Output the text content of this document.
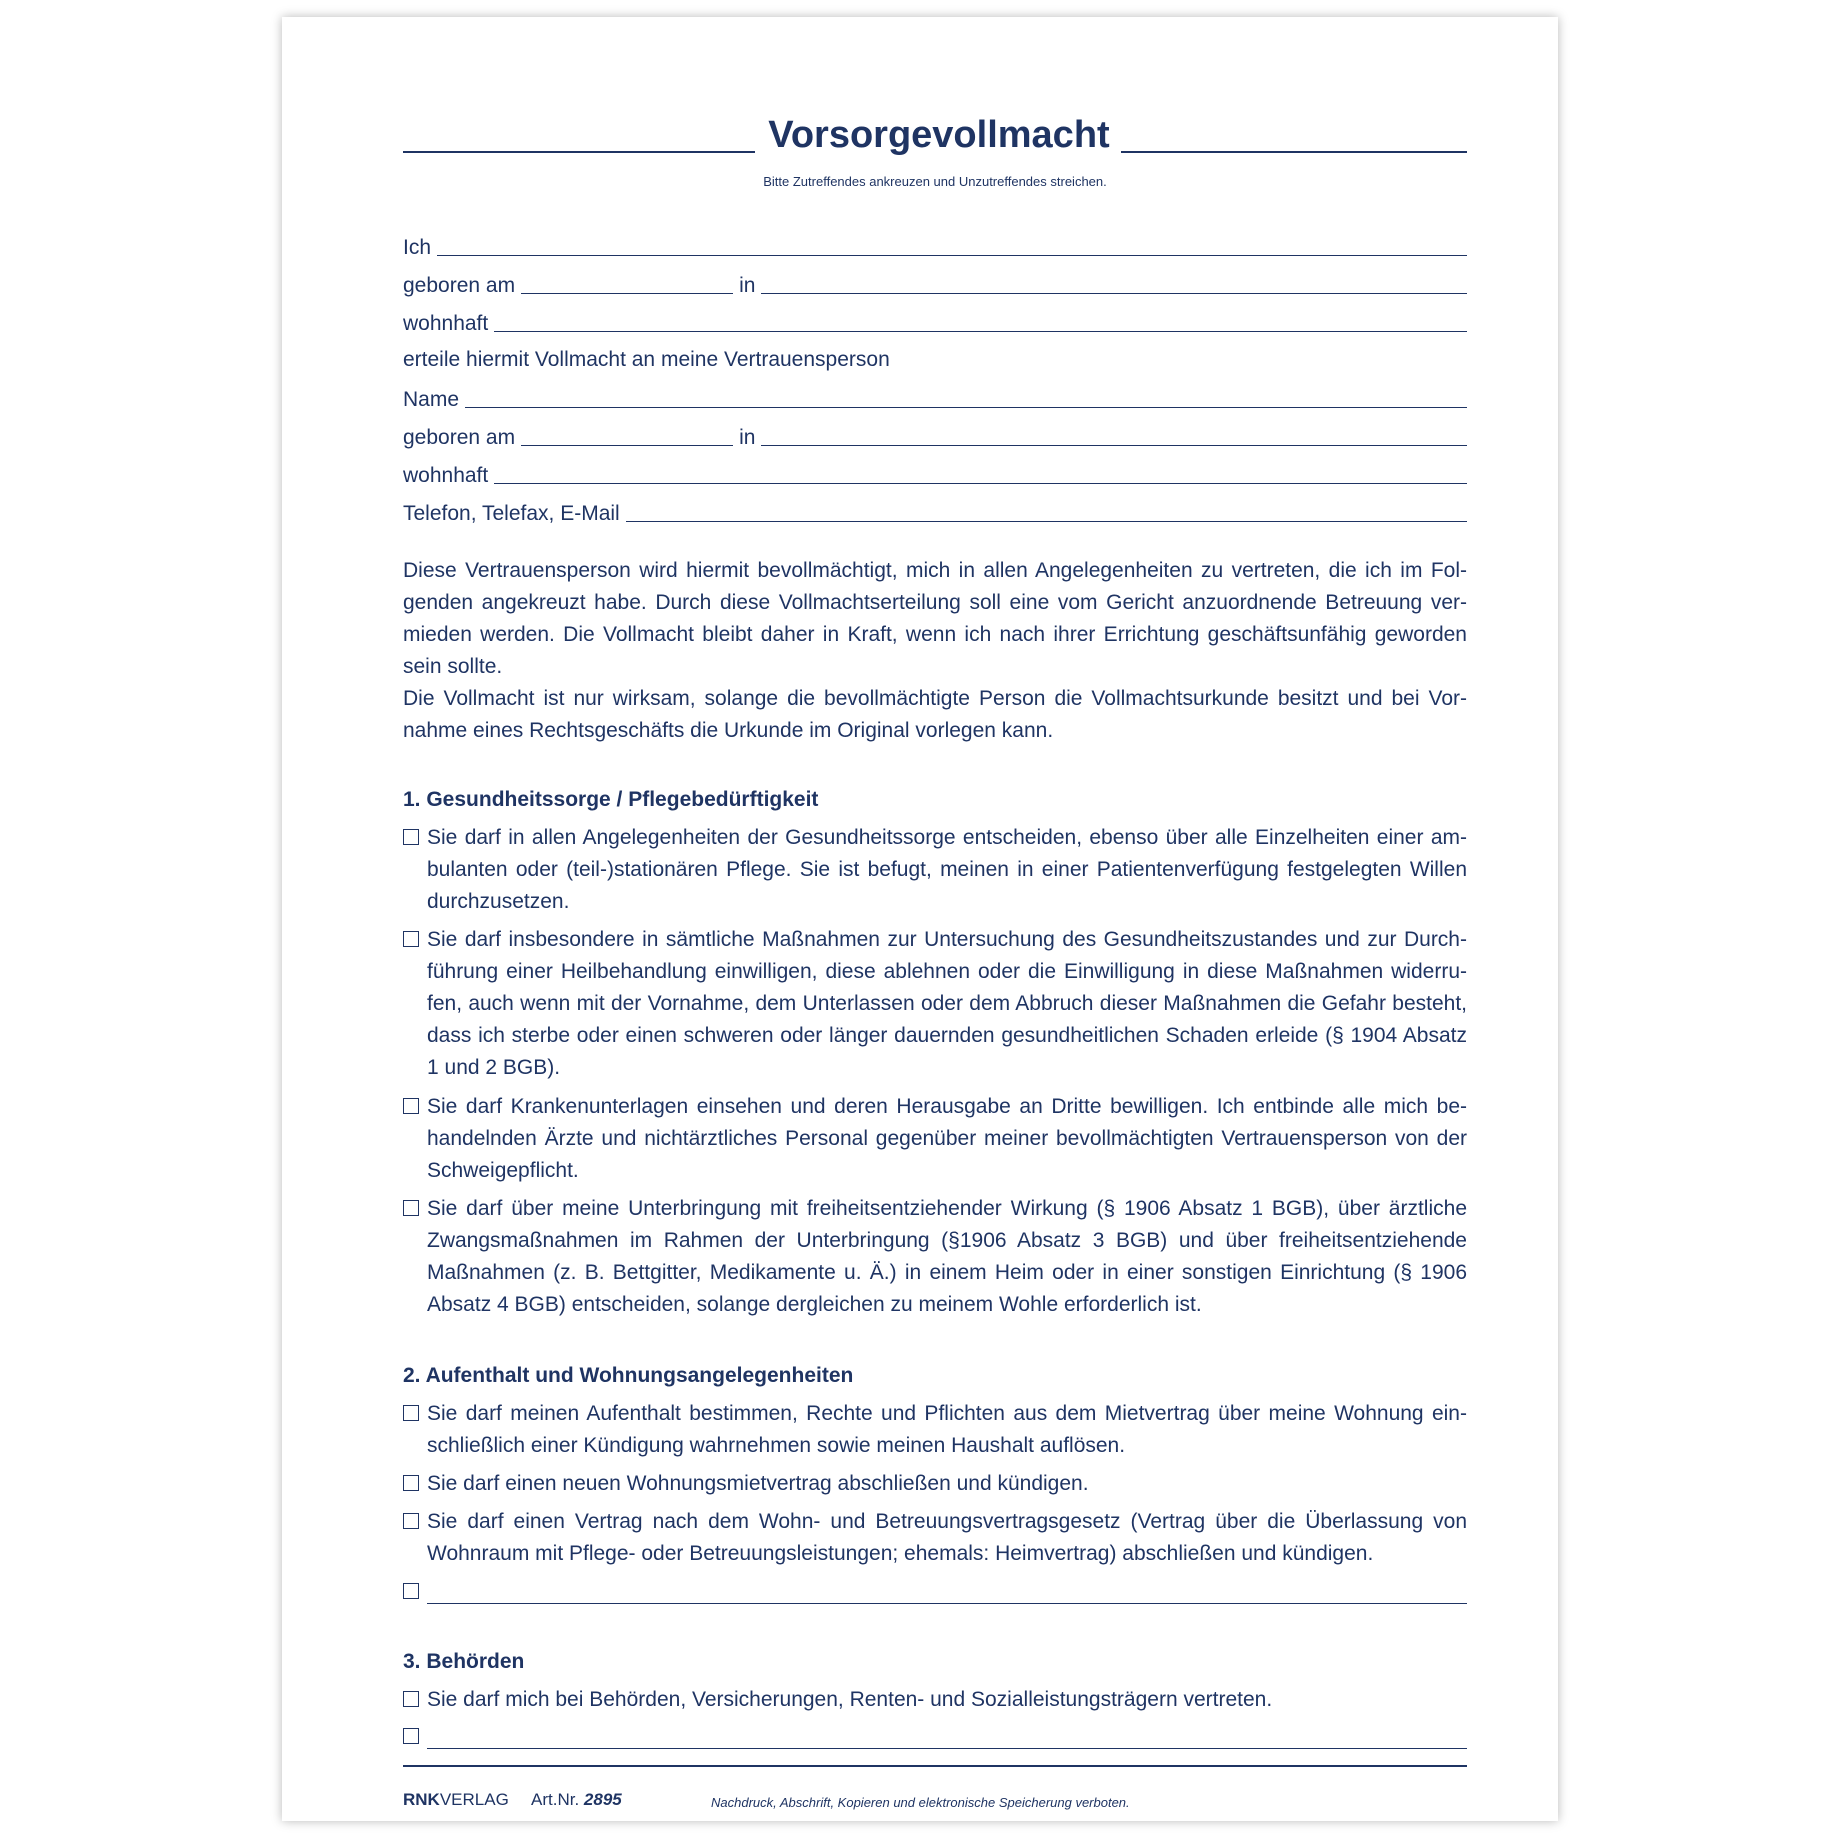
Vorsorgevollmacht
Bitte Zutreffendes ankreuzen und Unzutreffendes streichen.
Ich
geboren am	in
wohnhaft
erteile hiermit Vollmacht an meine Vertrauensperson
Name
geboren am	in
wohnhaft
Telefon, Telefax, E-Mail

Diese Vertrauensperson wird hiermit bevollmächtigt, mich in allen Angelegenheiten zu vertreten, die ich im Folgenden angekreuzt habe. Durch diese Vollmachtserteilung soll eine vom Gericht anzuordnende Betreuung vermieden werden. Die Vollmacht bleibt daher in Kraft, wenn ich nach ihrer Errichtung geschäftsunfähig geworden sein sollte.

Die Vollmacht ist nur wirksam, solange die bevollmächtigte Person die Vollmachtsurkunde besitzt und bei Vornahme eines Rechtsgeschäfts die Urkunde im Original vorlegen kann.

1. Gesundheitssorge / Pflegebedürftigkeit

Sie darf in allen Angelegenheiten der Gesundheitssorge entscheiden, ebenso über alle Einzelheiten einer ambulanten oder (teil-)stationären Pflege. Sie ist befugt, meinen in einer Patientenverfügung festgelegten Willen durchzusetzen.

Sie darf insbesondere in sämtliche Maßnahmen zur Untersuchung des Gesundheitszustandes und zur Durchführung einer Heilbehandlung einwilligen, diese ablehnen oder die Einwilligung in diese Maßnahmen widerrufen, auch wenn mit der Vornahme, dem Unterlassen oder dem Abbruch dieser Maßnahmen die Gefahr besteht, dass ich sterbe oder einen schweren oder länger dauernden gesundheitlichen Schaden erleide (§ 1904 Absatz 1 und 2 BGB).

Sie darf Krankenunterlagen einsehen und deren Herausgabe an Dritte bewilligen. Ich entbinde alle mich behandelnden Ärzte und nichtärztliches Personal gegenüber meiner bevollmächtigten Vertrauensperson von der Schweigepflicht.

Sie darf über meine Unterbringung mit freiheitsentziehender Wirkung (§ 1906 Absatz 1 BGB), über ärztliche Zwangsmaßnahmen im Rahmen der Unterbringung (§1906 Absatz 3 BGB) und über freiheitsentziehende Maßnahmen (z. B. Bettgitter, Medikamente u. Ä.) in einem Heim oder in einer sonstigen Einrichtung (§ 1906 Absatz 4 BGB) entscheiden, solange dergleichen zu meinem Wohle erforderlich ist.

2. Aufenthalt und Wohnungsangelegenheiten

Sie darf meinen Aufenthalt bestimmen, Rechte und Pflichten aus dem Mietvertrag über meine Wohnung einschließlich einer Kündigung wahrnehmen sowie meinen Haushalt auflösen.

Sie darf einen neuen Wohnungsmietvertrag abschließen und kündigen.

Sie darf einen Vertrag nach dem Wohn- und Betreuungsvertragsgesetz (Vertrag über die Überlassung von Wohnraum mit Pflege- oder Betreuungsleistungen; ehemals: Heimvertrag) abschließen und kündigen.

3. Behörden

Sie darf mich bei Behörden, Versicherungen, Renten- und Sozialleistungsträgern vertreten.

RNKVERLAG Art.Nr. 2895	Nachdruck, Abschrift, Kopieren und elektronische Speicherung verboten.
